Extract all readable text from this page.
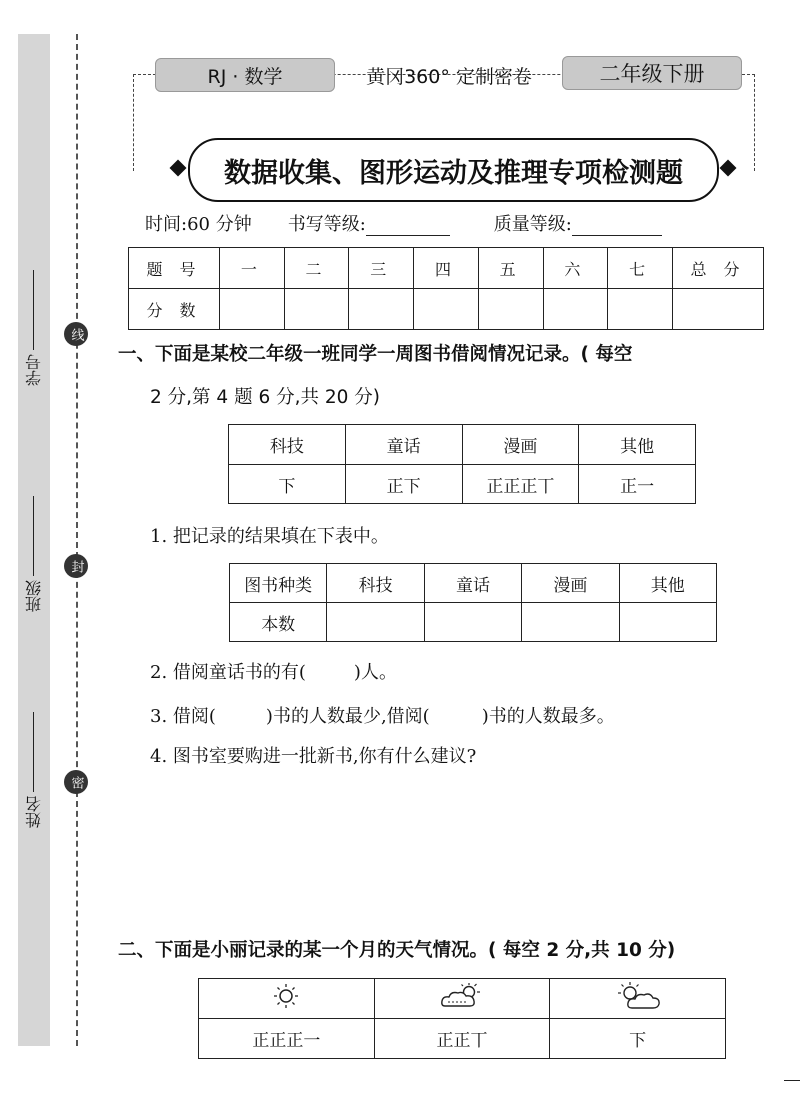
线
封
密
学号
班级
姓名
RJ · 数学	黄冈360° 定制密卷	二年级下册
数据收集、图形运动及推理专项检测题
时间:60 分钟 书写等级:	质量等级:
题 号	一	二	三	四	五	六	七	总 分
分 数								
一、下面是某校二年级一班同学一周图书借阅情况记录。( 每空
2 分,第 4 题 6 分,共 20 分)
科技	童话	漫画	其他
下	正下	正正正丅	正一
1. 把记录的结果填在下表中。
图书种类	科技	童话	漫画	其他
本数				
2. 借阅童话书的有(	)人。
3. 借阅(	)书的人数最少,借阅(	)书的人数最多。
4. 图书室要购进一批新书,你有什么建议?
二、下面是小丽记录的某一个月的天气情况。( 每空 2 分,共 10 分)

正正正一	正正丅	下
